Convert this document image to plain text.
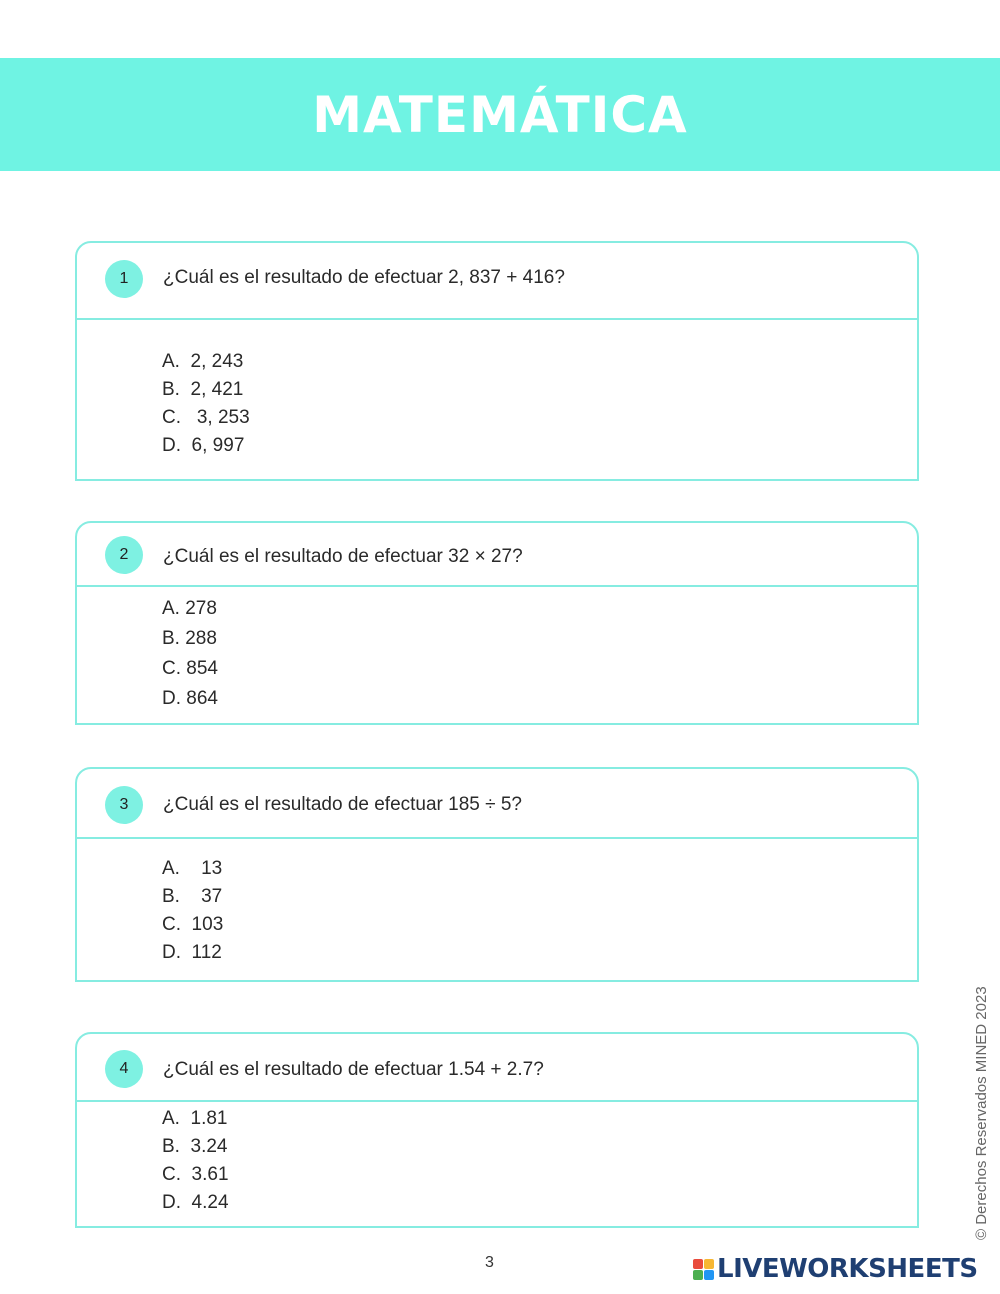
MATEMÁTICA
1	¿Cuál es el resultado de efectuar 2, 837 + 416?
A.  2, 243
B.  2, 421
C.   3, 253
D.  6, 997
2	¿Cuál es el resultado de efectuar 32 × 27?
A. 278
B. 288
C. 854
D. 864
3	¿Cuál es el resultado de efectuar 185 ÷ 5?
A.    13
B.    37
C.  103
D.  112
4	¿Cuál es el resultado de efectuar 1.54 + 2.7?
A.  1.81
B.  3.24
C.  3.61
D.  4.24	© Derechos Reservados MINED 2023
3	LIVEWORKSHEETS
